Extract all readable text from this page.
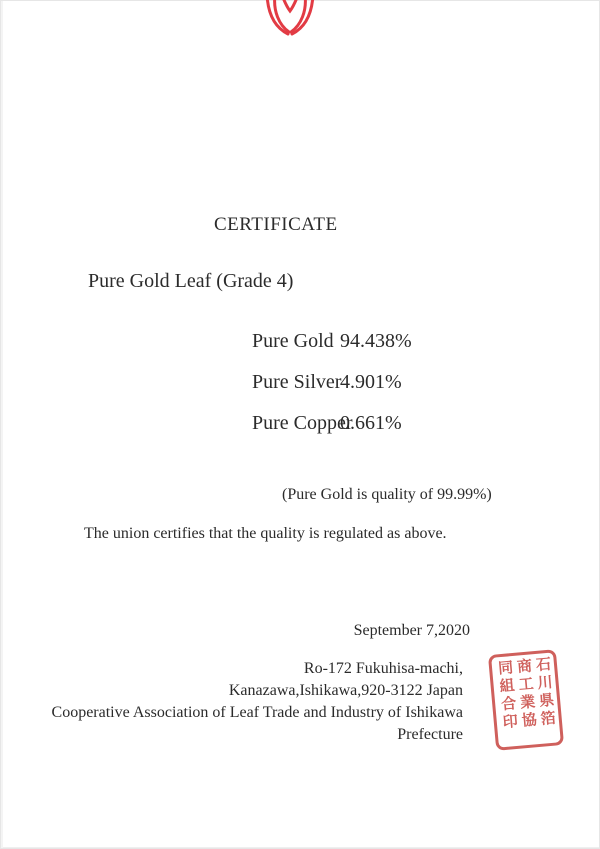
CERTIFICATE
Pure Gold Leaf (Grade 4)
Pure Gold 94.438%
Pure Silver
4.901%
Pure Copper
0.661%
(Pure Gold is quality of 99.99%)
The union certifies that the quality is regulated as above.
September 7,2020
Ro-172 Fukuhisa-machi,
Kanazawa,Ishikawa,920-3122 Japan
Cooperative Association of Leaf Trade and Industry of Ishikawa
Prefecture
石川県箔
商工業協
同組合印
